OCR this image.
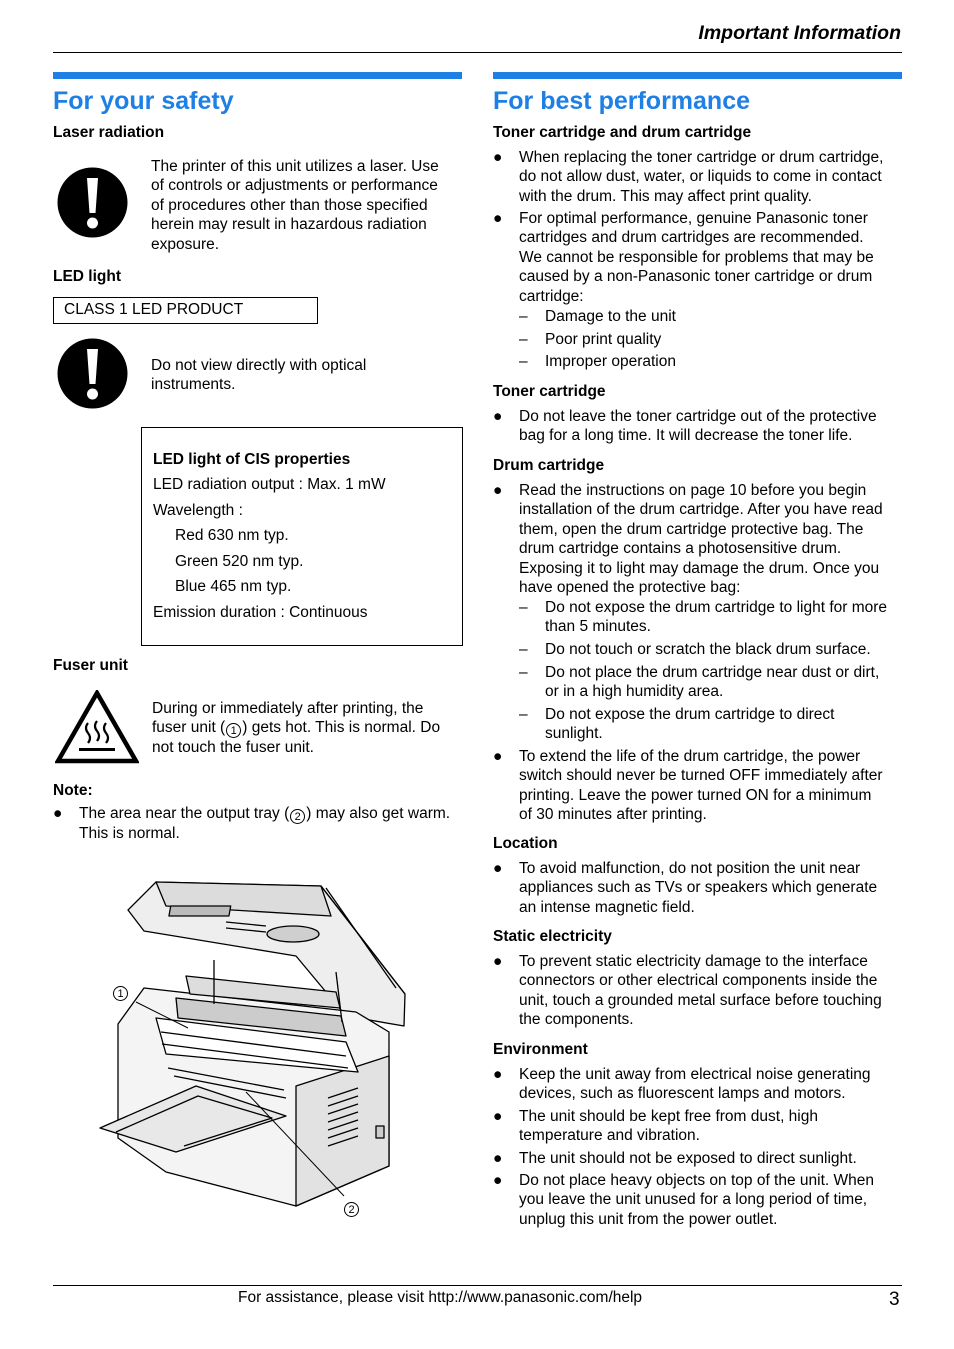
Important Information
For your safety
Laser radiation
The printer of this unit utilizes a laser. Use
of controls or adjustments or performance
of procedures other than those specified
herein may result in hazardous radiation
exposure.
LED light
CLASS 1 LED PRODUCT
Do not view directly with optical
instruments.
LED light of CIS properties
LED radiation output : Max. 1 mW
Wavelength :
Red 630 nm typ.
Green 520 nm typ.
Blue 465 nm typ.
Emission duration : Continuous
Fuser unit
During or immediately after printing, the
fuser unit ( 1 ) gets hot. This is normal. Do
not touch the fuser unit.
Note:
● The area near the output tray ( 2 ) may also get warm.
This is normal.
1
2
For best performance
Toner cartridge and drum cartridge
● When replacing the toner cartridge or drum cartridge,
do not allow dust, water, or liquids to come in contact
with the drum. This may affect print quality.
● For optimal performance, genuine Panasonic toner
cartridges and drum cartridges are recommended.
We cannot be responsible for problems that may be
caused by a non-Panasonic toner cartridge or drum
cartridge:
– Damage to the unit
– Poor print quality
– Improper operation
Toner cartridge
● Do not leave the toner cartridge out of the protective
bag for a long time. It will decrease the toner life.
Drum cartridge
● Read the instructions on page 10 before you begin
installation of the drum cartridge. After you have read
them, open the drum cartridge protective bag. The
drum cartridge contains a photosensitive drum.
Exposing it to light may damage the drum. Once you
have opened the protective bag:
– Do not expose the drum cartridge to light for more
than 5 minutes.
– Do not touch or scratch the black drum surface.
– Do not place the drum cartridge near dust or dirt,
or in a high humidity area.
– Do not expose the drum cartridge to direct
sunlight.
● To extend the life of the drum cartridge, the power
switch should never be turned OFF immediately after
printing. Leave the power turned ON for a minimum
of 30 minutes after printing.
Location
● To avoid malfunction, do not position the unit near
appliances such as TVs or speakers which generate
an intense magnetic field.
Static electricity
● To prevent static electricity damage to the interface
connectors or other electrical components inside the
unit, touch a grounded metal surface before touching
the components.
Environment
● Keep the unit away from electrical noise generating
devices, such as fluorescent lamps and motors.
● The unit should be kept free from dust, high
temperature and vibration.
● The unit should not be exposed to direct sunlight.
● Do not place heavy objects on top of the unit. When
you leave the unit unused for a long period of time,
unplug this unit from the power outlet.
For assistance, please visit http://www.panasonic.com/help	3
